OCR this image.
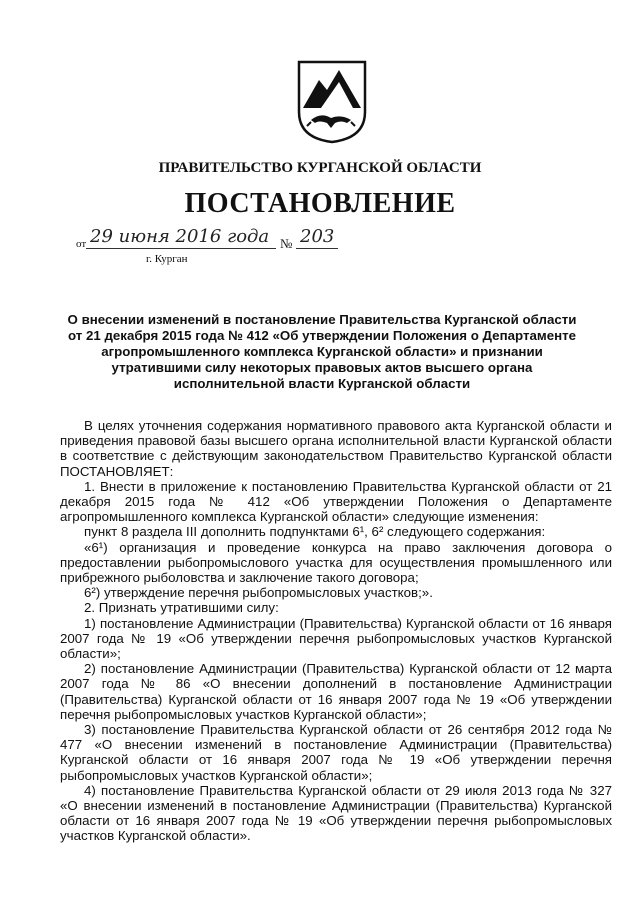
ПРАВИТЕЛЬСТВО КУРГАНСКОЙ ОБЛАСТИ
ПОСТАНОВЛЕНИЕ
от 29 июня 2016 года № 203
г. Курган
О внесении изменений в постановление Правительства Курганской области от 21 декабря 2015 года № 412 «Об утверждении Положения о Департаменте агропромышленного комплекса Курганской области» и признании утратившими силу некоторых правовых актов высшего органа исполнительной власти Курганской области

В целях уточнения содержания нормативного правового акта Курганской области и приведения правовой базы высшего органа исполнительной власти Курганской области в соответствие с действующим законодательством Правительство Курганской области ПОСТАНОВЛЯЕТ:

1. Внести в приложение к постановлению Правительства Курганской области от 21 декабря 2015 года № 412 «Об утверждении Положения о Департаменте агропромышленного комплекса Курганской области» следующие изменения:

пункт 8 раздела III дополнить подпунктами 6¹, 6² следующего содержания:

«6¹) организация и проведение конкурса на право заключения договора о предоставлении рыбопромыслового участка для осуществления промышленного или прибрежного рыболовства и заключение такого договора;

6²) утверждение перечня рыбопромысловых участков;».

2. Признать утратившими силу:

1) постановление Администрации (Правительства) Курганской области от 16 января 2007 года № 19 «Об утверждении перечня рыбопромысловых участков Курганской области»;

2) постановление Администрации (Правительства) Курганской области от 12 марта 2007 года № 86 «О внесении дополнений в постановление Администрации (Правительства) Курганской области от 16 января 2007 года № 19 «Об утверждении перечня рыбопромысловых участков Курганской области»;

3) постановление Правительства Курганской области от 26 сентября 2012 года № 477 «О внесении изменений в постановление Администрации (Правительства) Курганской области от 16 января 2007 года № 19 «Об утверждении перечня рыбопромысловых участков Курганской области»;

4) постановление Правительства Курганской области от 29 июля 2013 года № 327 «О внесении изменений в постановление Администрации (Правительства) Курганской области от 16 января 2007 года № 19 «Об утверждении перечня рыбопромысловых участков Курганской области».
